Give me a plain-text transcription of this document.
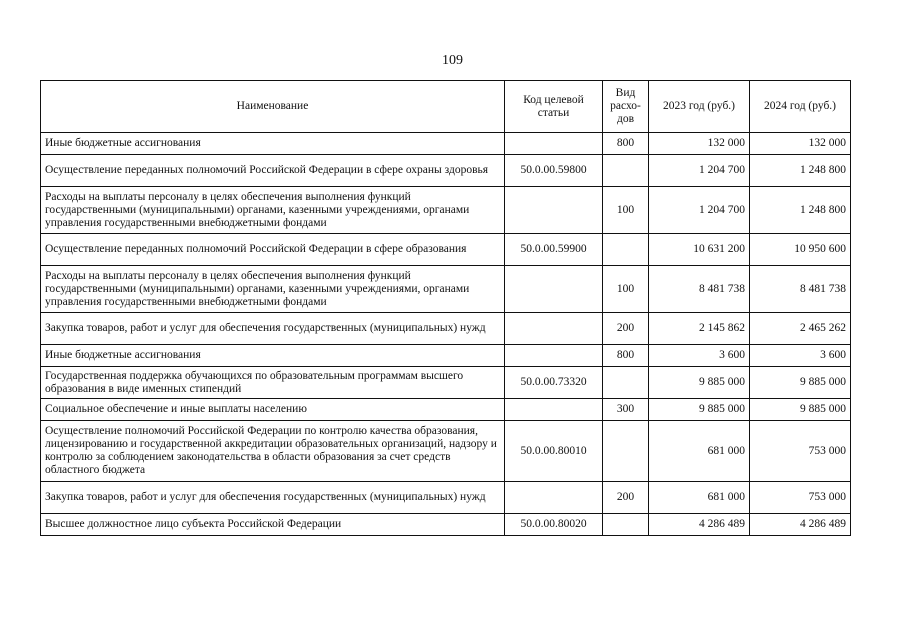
109
Наименование	Код целевой статьи	Вид расхо-дов	2023 год (руб.)	2024 год (руб.)
Иные бюджетные ассигнования		800	132 000	132 000
Осуществление переданных полномочий Российской Федерации в сфере охраны здоровья	50.0.00.59800		1 204 700	1 248 800
Расходы на выплаты персоналу в целях обеспечения выполнения функций государственными (муниципальными) органами, казенными учреждениями, органами управления государственными внебюджетными фондами		100	1 204 700	1 248 800
Осуществление переданных полномочий Российской Федерации в сфере образования	50.0.00.59900		10 631 200	10 950 600
Расходы на выплаты персоналу в целях обеспечения выполнения функций государственными (муниципальными) органами, казенными учреждениями, органами управления государственными внебюджетными фондами		100	8 481 738	8 481 738
Закупка товаров, работ и услуг для обеспечения государственных (муниципальных) нужд		200	2 145 862	2 465 262
Иные бюджетные ассигнования		800	3 600	3 600
Государственная поддержка обучающихся по образовательным программам высшего образования в виде именных стипендий	50.0.00.73320		9 885 000	9 885 000
Социальное обеспечение и иные выплаты населению		300	9 885 000	9 885 000
Осуществление полномочий Российской Федерации по контролю качества образования, лицензированию и государственной аккредитации образовательных организаций, надзору и контролю за соблюдением законодательства в области образования за счет средств областного бюджета	50.0.00.80010		681 000	753 000
Закупка товаров, работ и услуг для обеспечения государственных (муниципальных) нужд		200	681 000	753 000
Высшее должностное лицо субъекта Российской Федерации	50.0.00.80020		4 286 489	4 286 489
